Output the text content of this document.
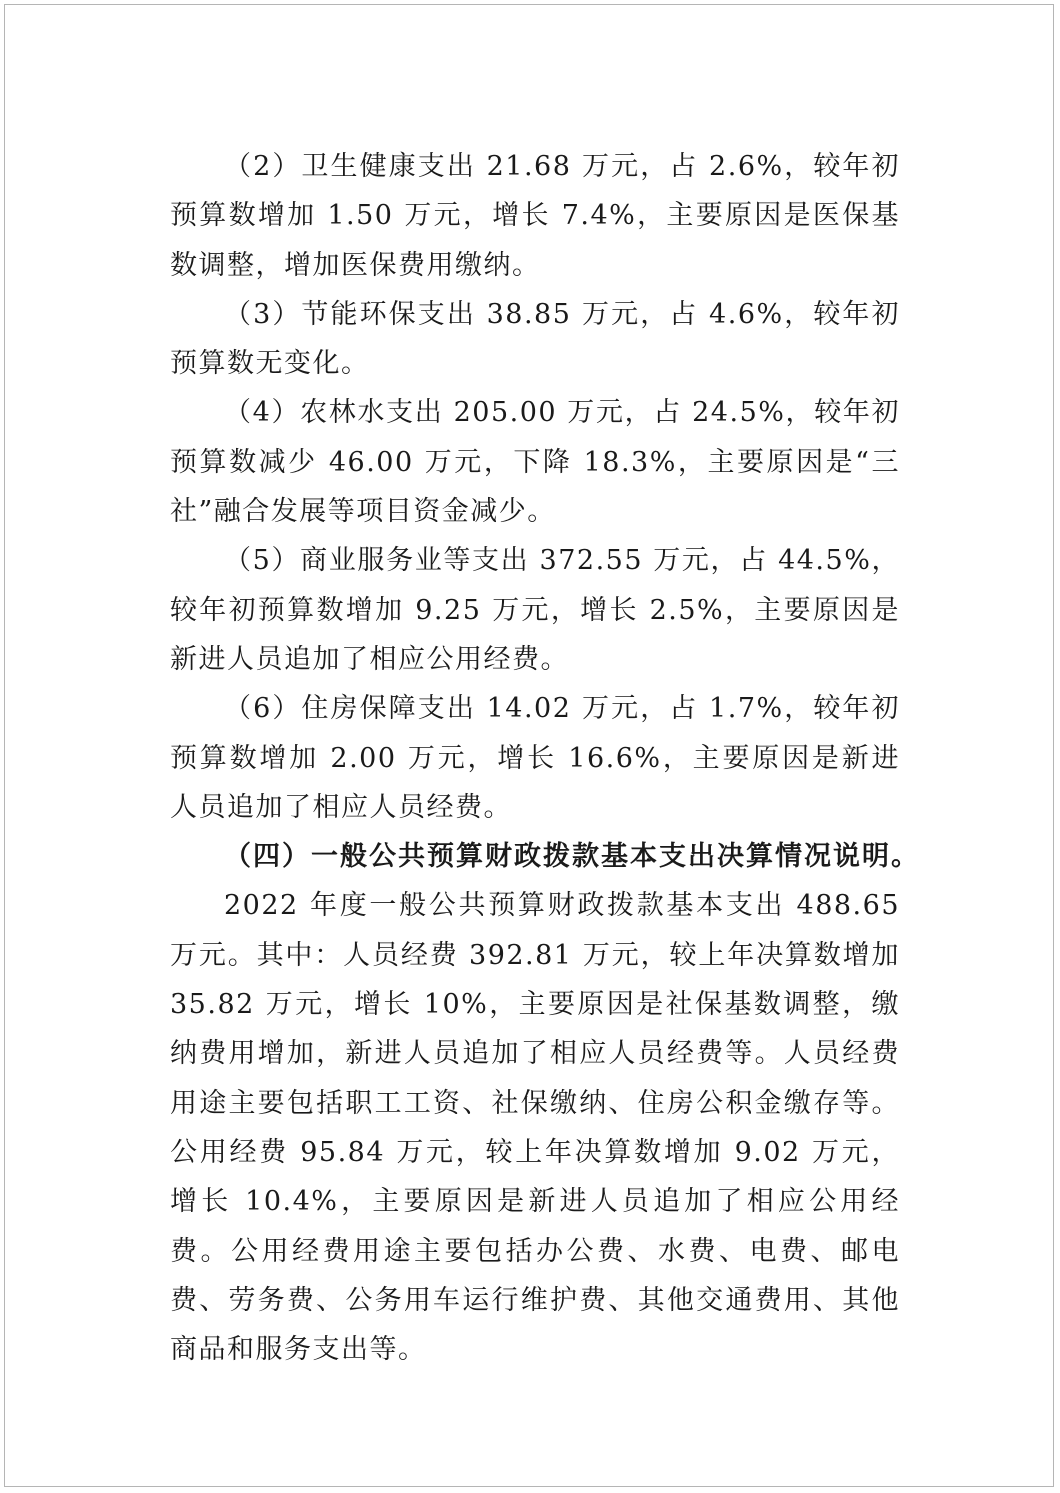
（2）卫生健康支出 21.68 万元，占 2.6%，较年初预算数增加 1.50 万元，增长 7.4%，主要原因是医保基数调整，增加医保费用缴纳。

（3）节能环保支出 38.85 万元，占 4.6%，较年初预算数无变化。

（4）农林水支出 205.00 万元，占 24.5%，较年初预算数减少 46.00 万元，下降 18.3%，主要原因是“三社”融合发展等项目资金减少。

（5）商业服务业等支出 372.55 万元，占 44.5%，较年初预算数增加 9.25 万元，增长 2.5%，主要原因是新进人员追加了相应公用经费。

（6）住房保障支出 14.02 万元，占 1.7%，较年初预算数增加 2.00 万元，增长 16.6%，主要原因是新进人员追加了相应人员经费。

（四）一般公共预算财政拨款基本支出决算情况说明。

2022 年度一般公共预算财政拨款基本支出 488.65 万元。其中：人员经费 392.81 万元，较上年决算数增加 35.82 万元，增长 10%，主要原因是社保基数调整，缴纳费用增加，新进人员追加了相应人员经费等。人员经费用途主要包括职工工资、社保缴纳、住房公积金缴存等。公用经费 95.84 万元，较上年决算数增加 9.02 万元，增长 10.4%，主要原因是新进人员追加了相应公用经费。公用经费用途主要包括办公费、水费、电费、邮电费、劳务费、公务用车运行维护费、其他交通费用、其他商品和服务支出等。
